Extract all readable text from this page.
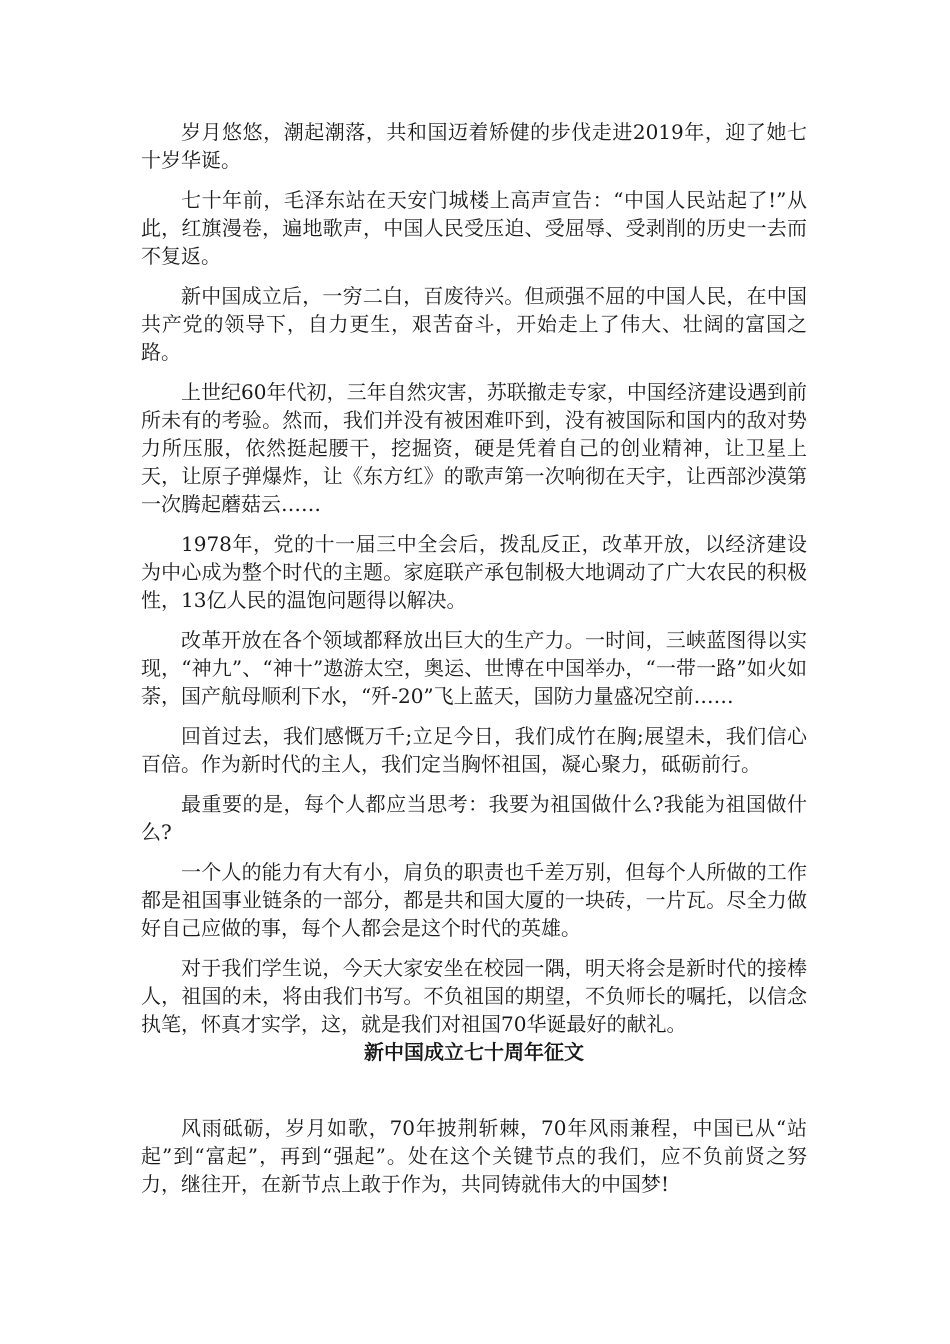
岁月悠悠，潮起潮落，共和国迈着矫健的步伐走进2019年，迎了她七十岁华诞。

七十年前，毛泽东站在天安门城楼上高声宣告：“中国人民站起了!”从此，红旗漫卷，遍地歌声，中国人民受压迫、受屈辱、受剥削的历史一去而不复返。

新中国成立后，一穷二白，百废待兴。但顽强不屈的中国人民，在中国共产党的领导下，自力更生，艰苦奋斗，开始走上了伟大、壮阔的富国之路。

上世纪60年代初，三年自然灾害，苏联撤走专家，中国经济建设遇到前所未有的考验。然而，我们并没有被困难吓到，没有被国际和国内的敌对势力所压服，依然挺起腰干，挖掘资，硬是凭着自己的创业精神，让卫星上天，让原子弹爆炸，让《东方红》的歌声第一次响彻在天宇，让西部沙漠第一次腾起蘑菇云……

1978年，党的十一届三中全会后，拨乱反正，改革开放，以经济建设为中心成为整个时代的主题。家庭联产承包制极大地调动了广大农民的积极性，13亿人民的温饱问题得以解决。

改革开放在各个领域都释放出巨大的生产力。一时间，三峡蓝图得以实现，“神九”、“神十”遨游太空，奥运、世博在中国举办，“一带一路”如火如荼，国产航母顺利下水，“歼-20”飞上蓝天，国防力量盛况空前……

回首过去，我们感慨万千;立足今日，我们成竹在胸;展望未，我们信心百倍。作为新时代的主人，我们定当胸怀祖国，凝心聚力，砥砺前行。

最重要的是，每个人都应当思考：我要为祖国做什么?我能为祖国做什么?

一个人的能力有大有小，肩负的职责也千差万别，但每个人所做的工作都是祖国事业链条的一部分，都是共和国大厦的一块砖，一片瓦。尽全力做好自己应做的事，每个人都会是这个时代的英雄。

对于我们学生说，今天大家安坐在校园一隅，明天将会是新时代的接棒人，祖国的未，将由我们书写。不负祖国的期望，不负师长的嘱托，以信念执笔，怀真才实学，这，就是我们对祖国70华诞最好的献礼。

新中国成立七十周年征文

风雨砥砺，岁月如歌，70年披荆斩棘，70年风雨兼程，中国已从“站起”到“富起”，再到“强起”。处在这个关键节点的我们，应不负前贤之努力，继往开，在新节点上敢于作为，共同铸就伟大的中国梦!
